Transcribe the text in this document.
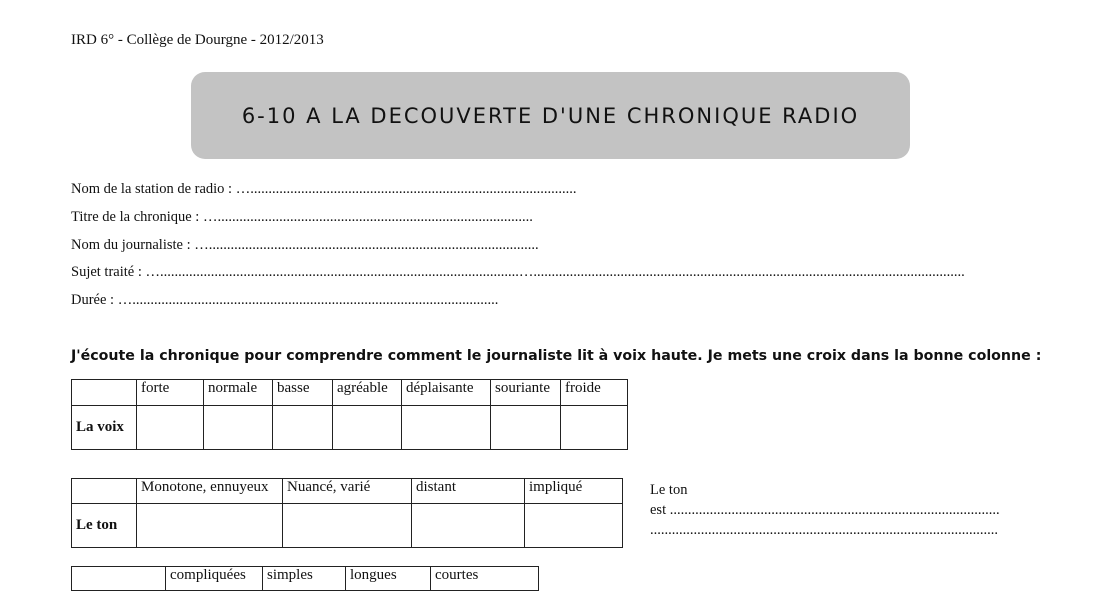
IRD 6° - Collège de Dourgne - 2012/2013
6-10 A LA DECOUVERTE D'UNE CHRONIQUE RADIO
Nom de la station de radio : …..........................................................................................
Titre de la chronique : ….......................................................................................
Nom du journaliste : …...........................................................................................
Sujet traité : …...................................................................................................….......................................................................................................................
Durée : ….....................................................................................................
J'écoute la chronique pour comprendre comment le journaliste lit à voix haute. Je mets une croix dans la bonne colonne :
	forte	normale	basse	agréable	déplaisante	souriante	froide
La voix							
	Monotone, ennuyeux	Nuancé, varié	distant	impliqué
Le ton				
Le ton
est ...........................................................................................
................................................................................................
	compliquées	simples	longues	courtes
